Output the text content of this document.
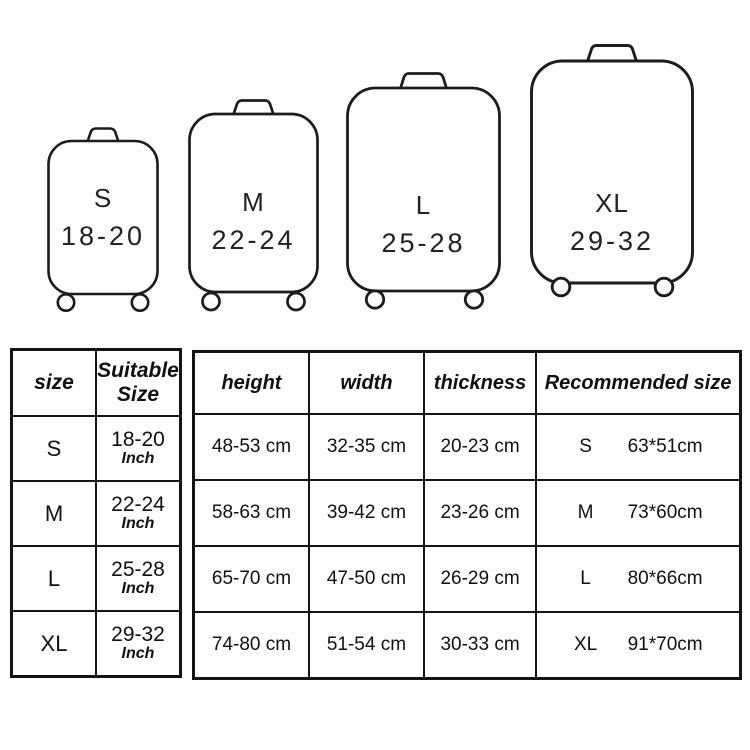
S
18-20
M
22-24
L
25-28
XL
29-32
size	Suitable Size

S	18-20
Inch

M	22-24
Inch

L	25-28
Inch

XL	29-32
Inch
height	width	thickness	Recommended size
48-53 cm	32-35 cm	20-23 cm	S 63*51cm

58-63 cm	39-42 cm	23-26 cm	M 73*60cm

65-70 cm	47-50 cm	26-29 cm	L 80*66cm

74-80 cm	51-54 cm	30-33 cm	XL 91*70cm
